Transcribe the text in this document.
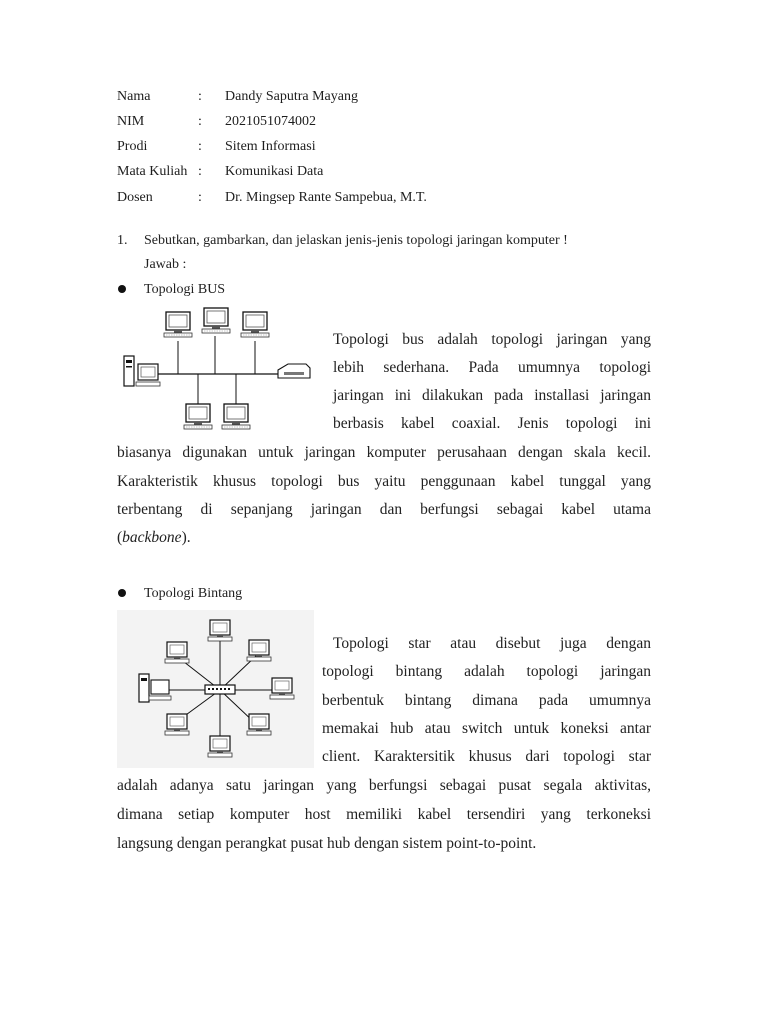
Nama	: Dandy Saputra Mayang
NIM	: 2021051074002
Prodi	: Sitem Informasi
Mata Kuliah : Komunikasi Data
Dosen	: Dr. Mingsep Rante Sampebua, M.T.
1. Sebutkan, gambarkan, dan jelaskan jenis-jenis topologi jaringan komputer !
Jawab :
Topologi BUS
Topologi bus adalah topologi jaringan yang
lebih sederhana. Pada umumnya topologi
jaringan ini dilakukan pada installasi jaringan
berbasis kabel coaxial. Jenis topologi ini
biasanya digunakan untuk jaringan komputer perusahaan dengan skala kecil.
Karakteristik khusus topologi bus yaitu penggunaan kabel tunggal yang
terbentang di sepanjang jaringan dan berfungsi sebagai kabel utama
(backbone).
Topologi Bintang
Topologi star atau disebut juga dengan
topologi bintang adalah topologi jaringan
berbentuk bintang dimana pada umumnya
memakai hub atau switch untuk koneksi antar
client. Karaktersitik khusus dari topologi star
adalah adanya satu jaringan yang berfungsi sebagai pusat segala aktivitas,
dimana setiap komputer host memiliki kabel tersendiri yang terkoneksi
langsung dengan perangkat pusat hub dengan sistem point-to-point.
